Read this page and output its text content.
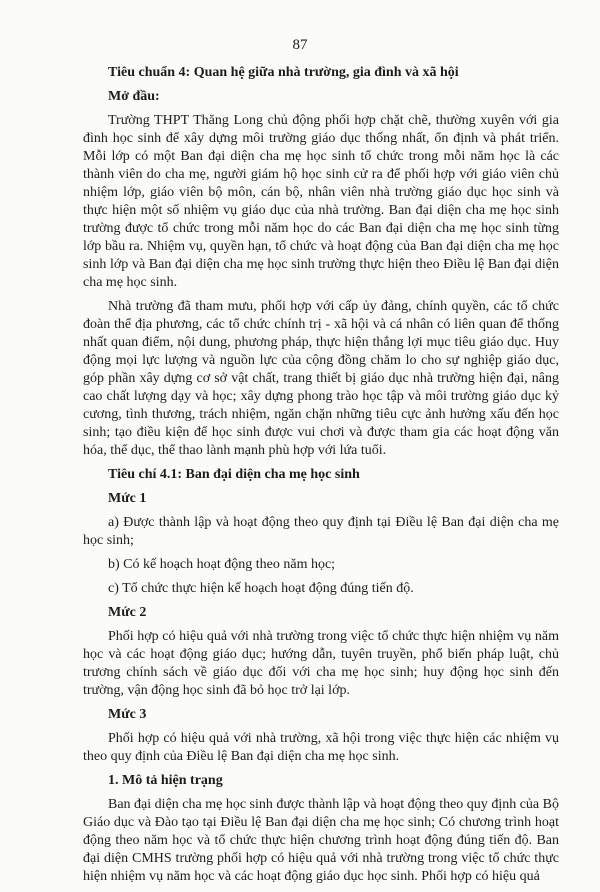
87
Tiêu chuẩn 4: Quan hệ giữa nhà trường, gia đình và xã hội
Mở đầu:
Trường THPT Thăng Long chủ động phối hợp chặt chẽ, thường xuyên với gia đình học sinh để xây dựng môi trường giáo dục thống nhất, ổn định và phát triển. Mỗi lớp có một Ban đại diện cha mẹ học sinh tổ chức trong mỗi năm học là các thành viên do cha mẹ, người giám hộ học sinh cử ra để phối hợp với giáo viên chủ nhiệm lớp, giáo viên bộ môn, cán bộ, nhân viên nhà trường giáo dục học sinh và thực hiện một số nhiệm vụ giáo dục của nhà trường. Ban đại diện cha mẹ học sinh trường được tổ chức trong mỗi năm học do các Ban đại diện cha mẹ học sinh từng lớp bầu ra. Nhiệm vụ, quyền hạn, tổ chức và hoạt động của Ban đại diện cha mẹ học sinh lớp và Ban đại diện cha mẹ học sinh trường thực hiện theo Điều lệ Ban đại diện cha mẹ học sinh.
Nhà trường đã tham mưu, phối hợp với cấp ủy đảng, chính quyền, các tổ chức đoàn thể địa phương, các tổ chức chính trị - xã hội và cá nhân có liên quan để thống nhất quan điểm, nội dung, phương pháp, thực hiện thắng lợi mục tiêu giáo dục. Huy động mọi lực lượng và nguồn lực của cộng đồng chăm lo cho sự nghiệp giáo dục, góp phần xây dựng cơ sở vật chất, trang thiết bị giáo dục nhà trường hiện đại, nâng cao chất lượng dạy và học; xây dựng phong trào học tập và môi trường giáo dục kỷ cương, tình thương, trách nhiệm, ngăn chặn những tiêu cực ảnh hưởng xấu đến học sinh; tạo điều kiện để học sinh được vui chơi và được tham gia các hoạt động văn hóa, thể dục, thể thao lành mạnh phù hợp với lứa tuổi.
Tiêu chí 4.1: Ban đại diện cha mẹ học sinh
Mức 1
a) Được thành lập và hoạt động theo quy định tại Điều lệ Ban đại diện cha mẹ học sinh;
b) Có kế hoạch hoạt động theo năm học;
c) Tổ chức thực hiện kế hoạch hoạt động đúng tiến độ.
Mức 2
Phối hợp có hiệu quả với nhà trường trong việc tổ chức thực hiện nhiệm vụ năm học và các hoạt động giáo dục; hướng dẫn, tuyên truyền, phổ biến pháp luật, chủ trương chính sách về giáo dục đối với cha mẹ học sinh; huy động học sinh đến trường, vận động học sinh đã bỏ học trở lại lớp.
Mức 3
Phối hợp có hiệu quả với nhà trường, xã hội trong việc thực hiện các nhiệm vụ theo quy định của Điều lệ Ban đại diện cha mẹ học sinh.
1. Mô tả hiện trạng
Ban đại diện cha mẹ học sinh được thành lập và hoạt động theo quy định của Bộ Giáo dục và Đào tạo tại Điều lệ Ban đại diện cha mẹ học sinh; Có chương trình hoạt động theo năm học và tổ chức thực hiện chương trình hoạt động đúng tiến độ. Ban đại diện CMHS trường phối hợp có hiệu quả với nhà trường trong việc tổ chức thực hiện nhiệm vụ năm học và các hoạt động giáo dục học sinh. Phối hợp có hiệu quả
